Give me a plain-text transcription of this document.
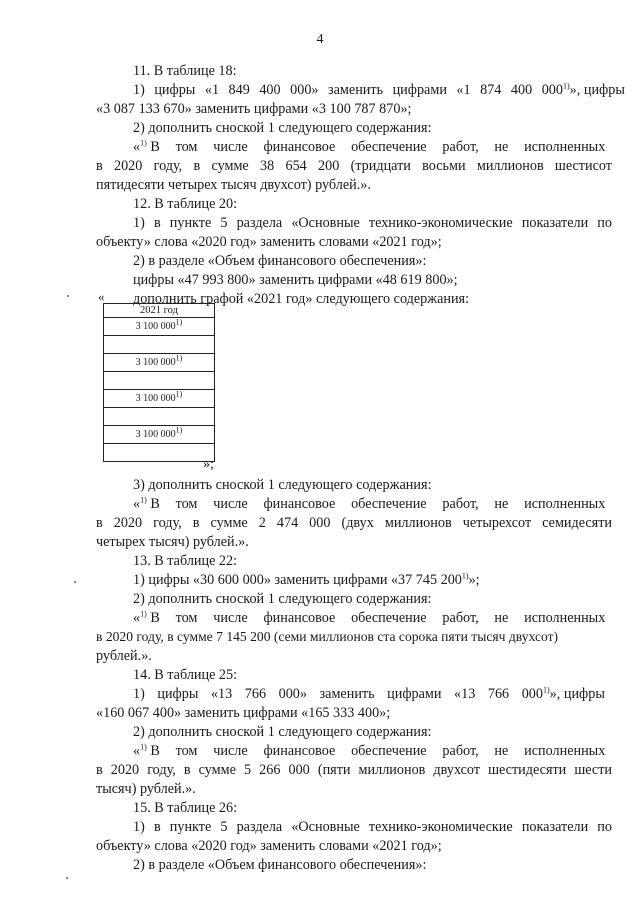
4
11. В таблице 18:
1) цифры «1 849 400 000» заменить цифрами «1 874 400 000$^{1)}$», цифры
«3 087 133 670» заменить цифрами «3 100 787 870»;
2) дополнить сноской 1 следующего содержания:
«$^{1)}$ В том числе финансовое обеспечение работ, не исполненных
в 2020 году, в сумме 38 654 200 (тридцати восьми миллионов шестисот
пятидесяти четырех тысяч двухсот) рублей.».
12. В таблице 20:
1) в пункте 5 раздела «Основные технико-экономические показатели по
объекту» слова «2020 год» заменить словами «2021 год»;
2) в разделе «Объем финансового обеспечения»:
цифры «47 993 800» заменить цифрами «48 619 800»;
дополнить графой «2021 год» следующего содержания:
«
2021 год
3 100 000$^{1)}$

3 100 000$^{1)}$

3 100 000$^{1)}$

3 100 000$^{1)}$

»;
3) дополнить сноской 1 следующего содержания:
«$^{1)}$ В том числе финансовое обеспечение работ, не исполненных
в 2020 году, в сумме 2 474 000 (двух миллионов четырехсот семидесяти
четырех тысяч) рублей.».
13. В таблице 22:
1) цифры «30 600 000» заменить цифрами «37 745 200$^{1)}$»;
2) дополнить сноской 1 следующего содержания:
«$^{1)}$ В том числе финансовое обеспечение работ, не исполненных
в 2020 году, в сумме 7 145 200 (семи миллионов ста сорока пяти тысяч двухсот)
рублей.».
14. В таблице 25:
1) цифры «13 766 000» заменить цифрами «13 766 000$^{1)}$», цифры
«160 067 400» заменить цифрами «165 333 400»;
2) дополнить сноской 1 следующего содержания:
«$^{1)}$ В том числе финансовое обеспечение работ, не исполненных
в 2020 году, в сумме 5 266 000 (пяти миллионов двухсот шестидесяти шести
тысяч) рублей.».
15. В таблице 26:
1) в пункте 5 раздела «Основные технико-экономические показатели по
объекту» слова «2020 год» заменить словами «2021 год»;
2) в разделе «Объем финансового обеспечения»:
